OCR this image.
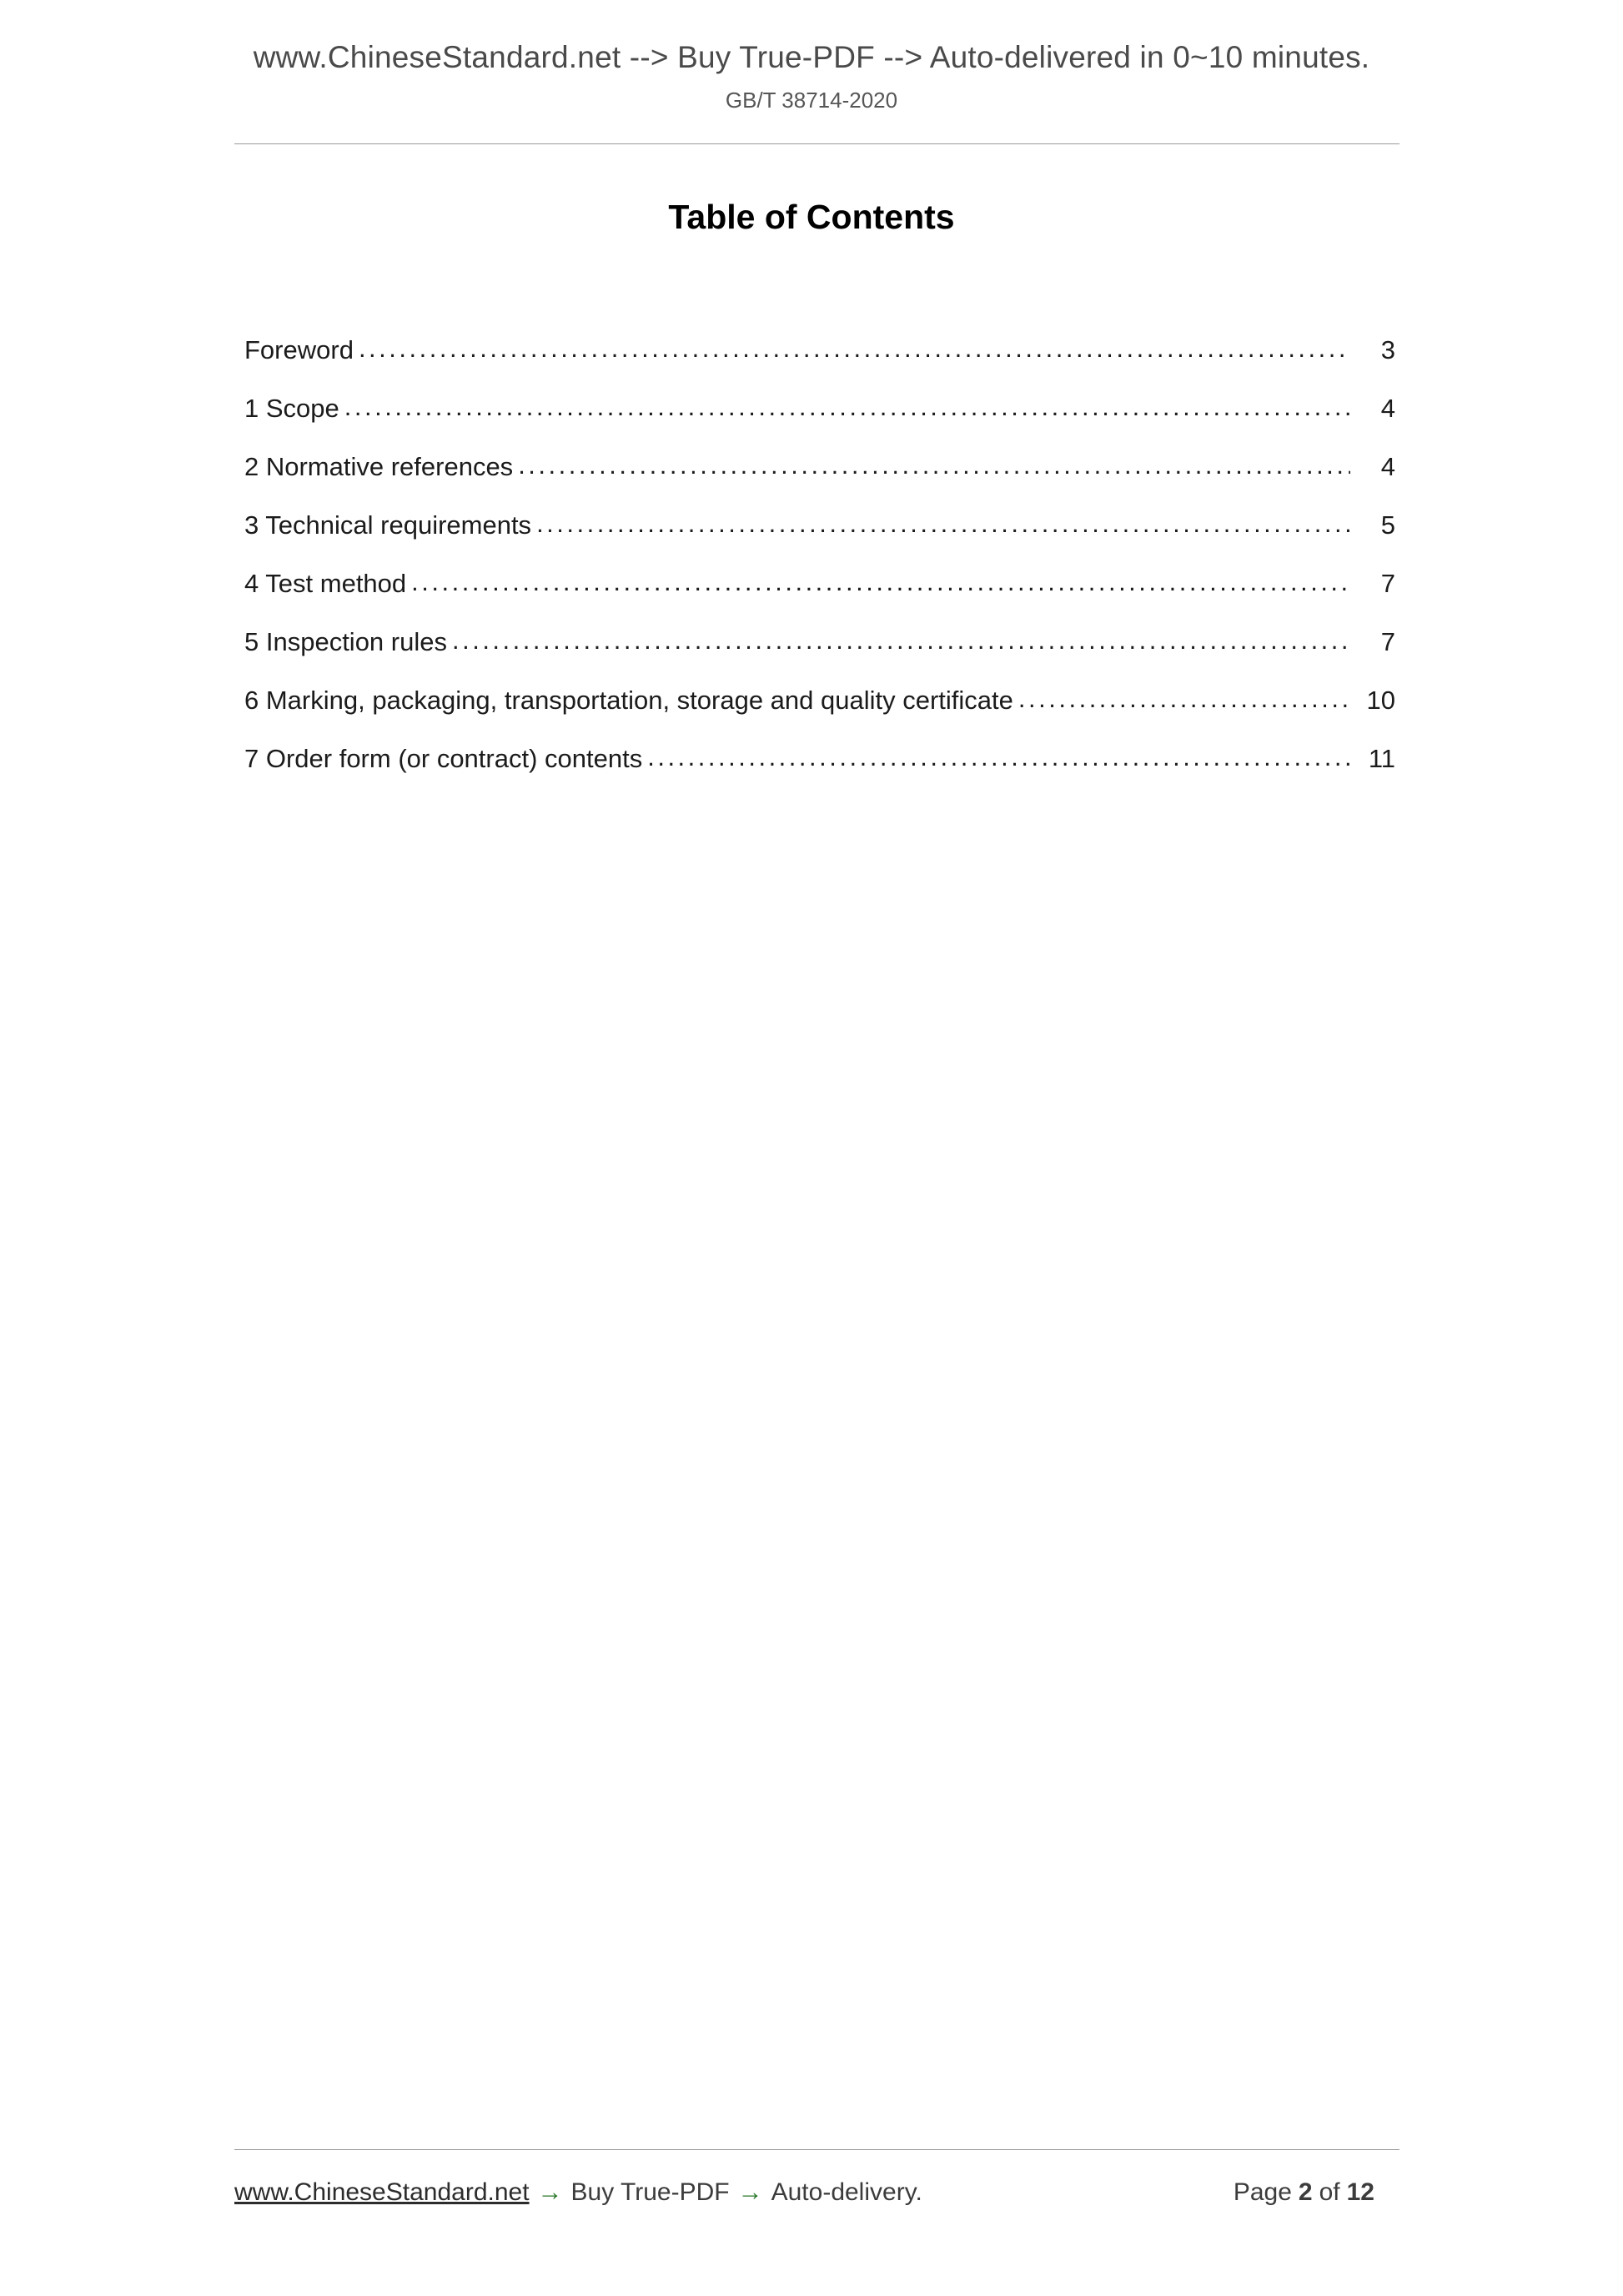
www.ChineseStandard.net --> Buy True-PDF --> Auto-delivered in 0~10 minutes.
GB/T 38714-2020
Table of Contents
Foreword .....	3
1 Scope .....	4
2 Normative references .....	4
3 Technical requirements .....	5
4 Test method .....	7
5 Inspection rules .....	7
6 Marking, packaging, transportation, storage and quality certificate .....	10
7 Order form (or contract) contents .....	11
www.ChineseStandard.net → Buy True-PDF → Auto-delivery.	Page 2 of 12
